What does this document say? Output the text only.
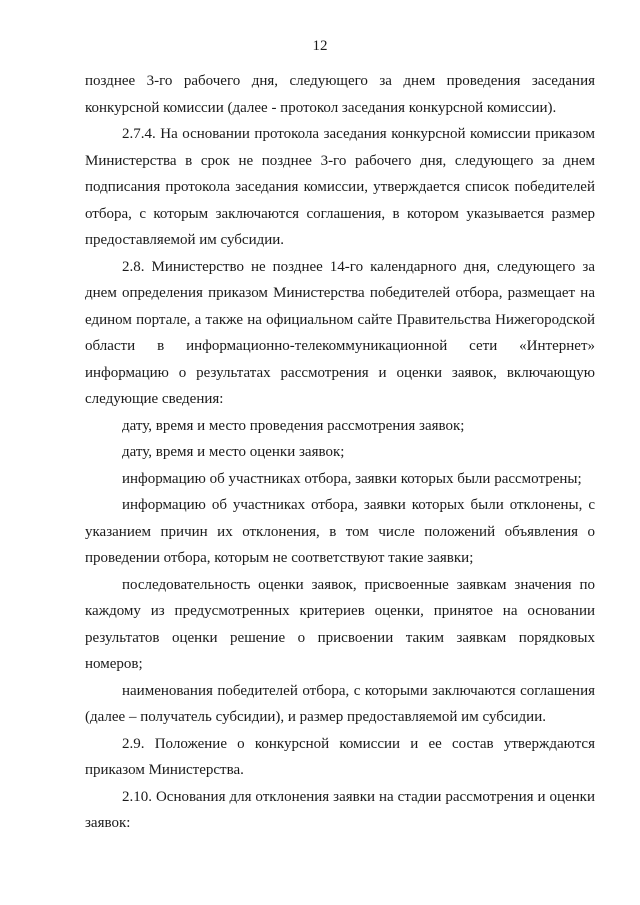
12

позднее 3-го рабочего дня, следующего за днем проведения заседания конкурсной комиссии (далее - протокол заседания конкурсной комиссии).

2.7.4. На основании протокола заседания конкурсной комиссии приказом Министерства в срок не позднее 3-го рабочего дня, следующего за днем подписания протокола заседания комиссии, утверждается список победителей отбора, с которым заключаются соглашения, в котором указывается размер предоставляемой им субсидии.

2.8. Министерство не позднее 14-го календарного дня, следующего за днем определения приказом Министерства победителей отбора, размещает на едином портале, а также на официальном сайте Правительства Нижегородской области в информационно-телекоммуникационной сети «Интернет» информацию о результатах рассмотрения и оценки заявок, включающую следующие сведения:

дату, время и место проведения рассмотрения заявок;

дату, время и место оценки заявок;

информацию об участниках отбора, заявки которых были рассмотрены;

информацию об участниках отбора, заявки которых были отклонены, с указанием причин их отклонения, в том числе положений объявления о проведении отбора, которым не соответствуют такие заявки;

последовательность оценки заявок, присвоенные заявкам значения по каждому из предусмотренных критериев оценки, принятое на основании результатов оценки решение о присвоении таким заявкам порядковых номеров;

наименования победителей отбора, с которыми заключаются соглашения (далее – получатель субсидии), и размер предоставляемой им субсидии.

2.9. Положение о конкурсной комиссии и ее состав утверждаются приказом Министерства.

2.10. Основания для отклонения заявки на стадии рассмотрения и оценки заявок:
